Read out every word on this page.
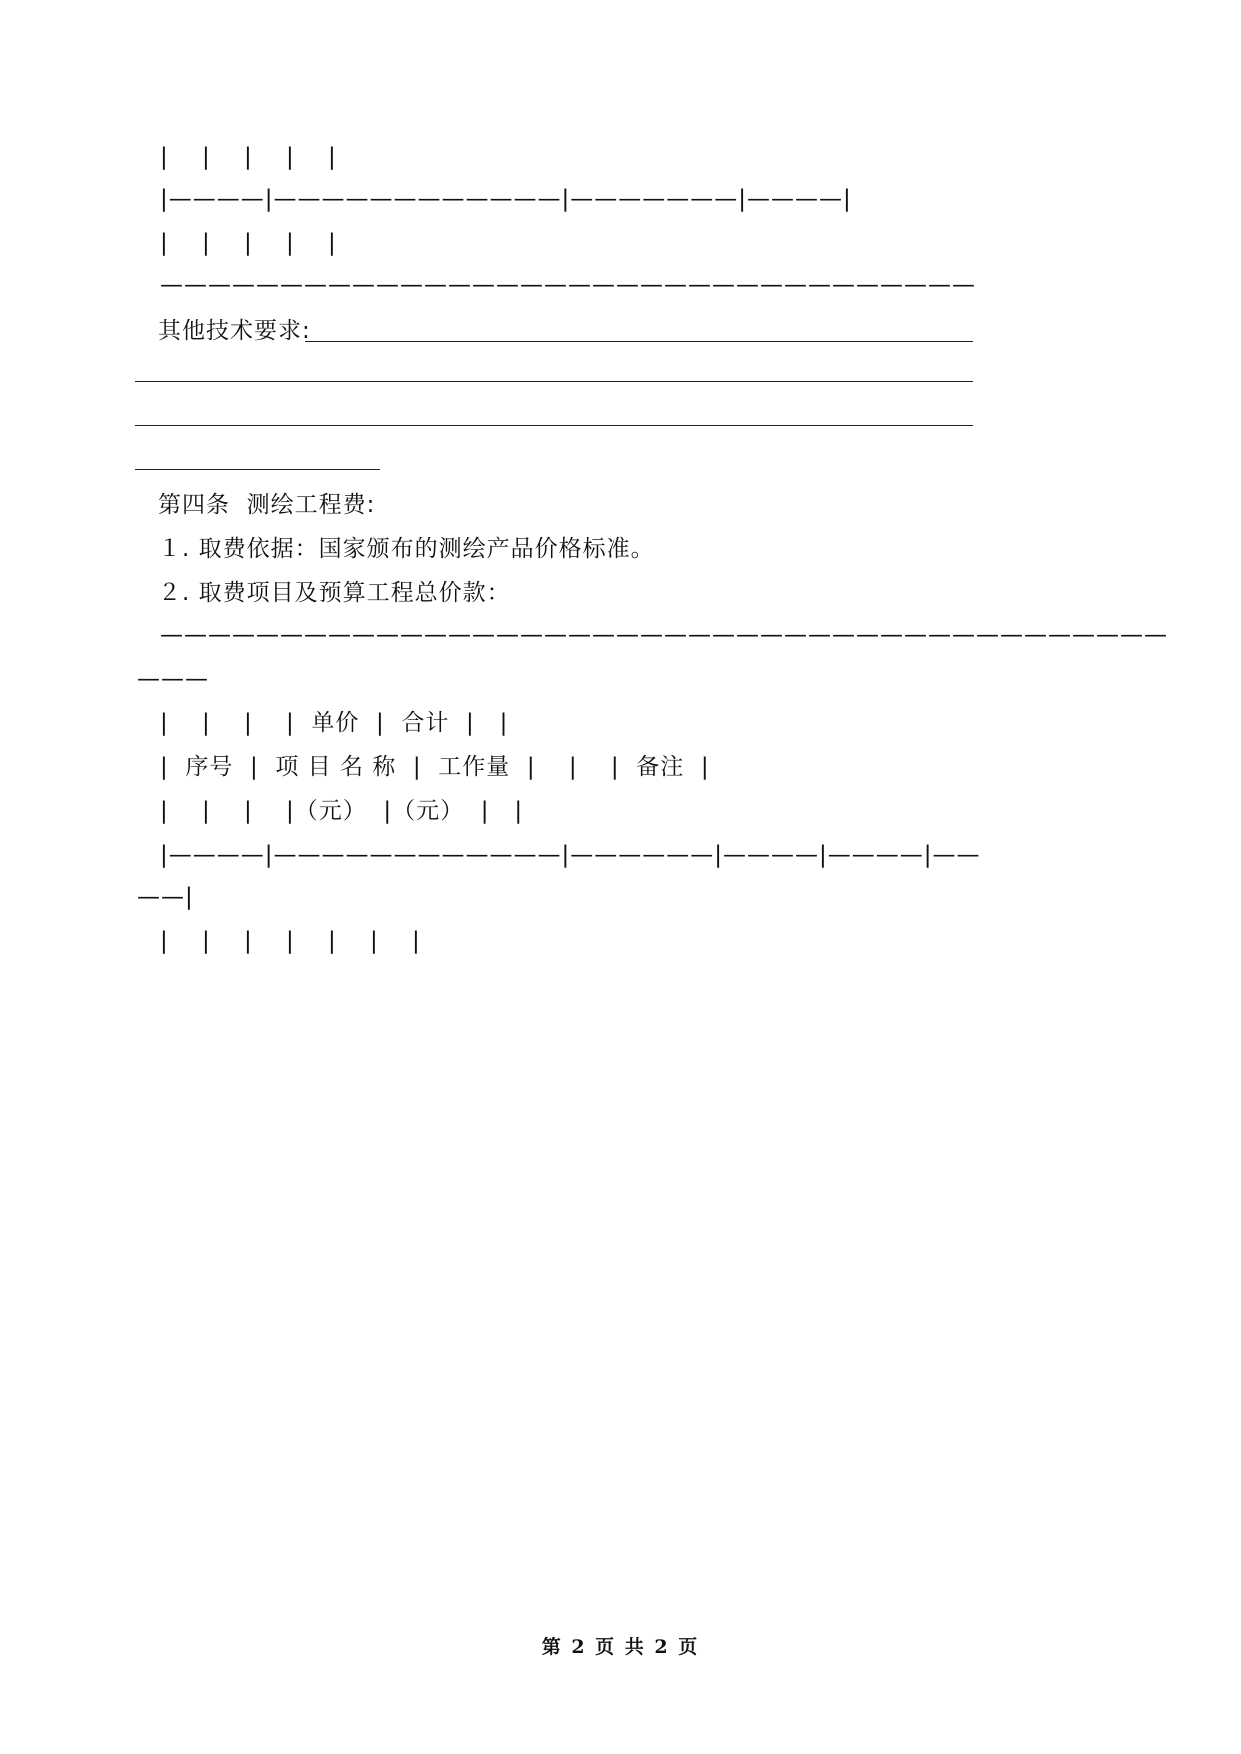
|    |    |    |    |
|————|————————————|———————|————|
|    |    |    |    |
——————————————————————————————————
其他技术要求:
第四条  测绘工程费:
１. 取费依据：国家颁布的测绘产品价格标准。
２. 取费项目及预算工程总价款：
——————————————————————————————————————————
———
|    |    |    |  单价  |  合计  |   |
|  序号  |  项 目 名 称  |  工作量  |    |    |  备注  |
|    |    |    |（元）  |（元）  |   |
|————|————————————|——————|————|————|——
——|
|    |    |    |    |    |    |
第 2 页 共 2 页
